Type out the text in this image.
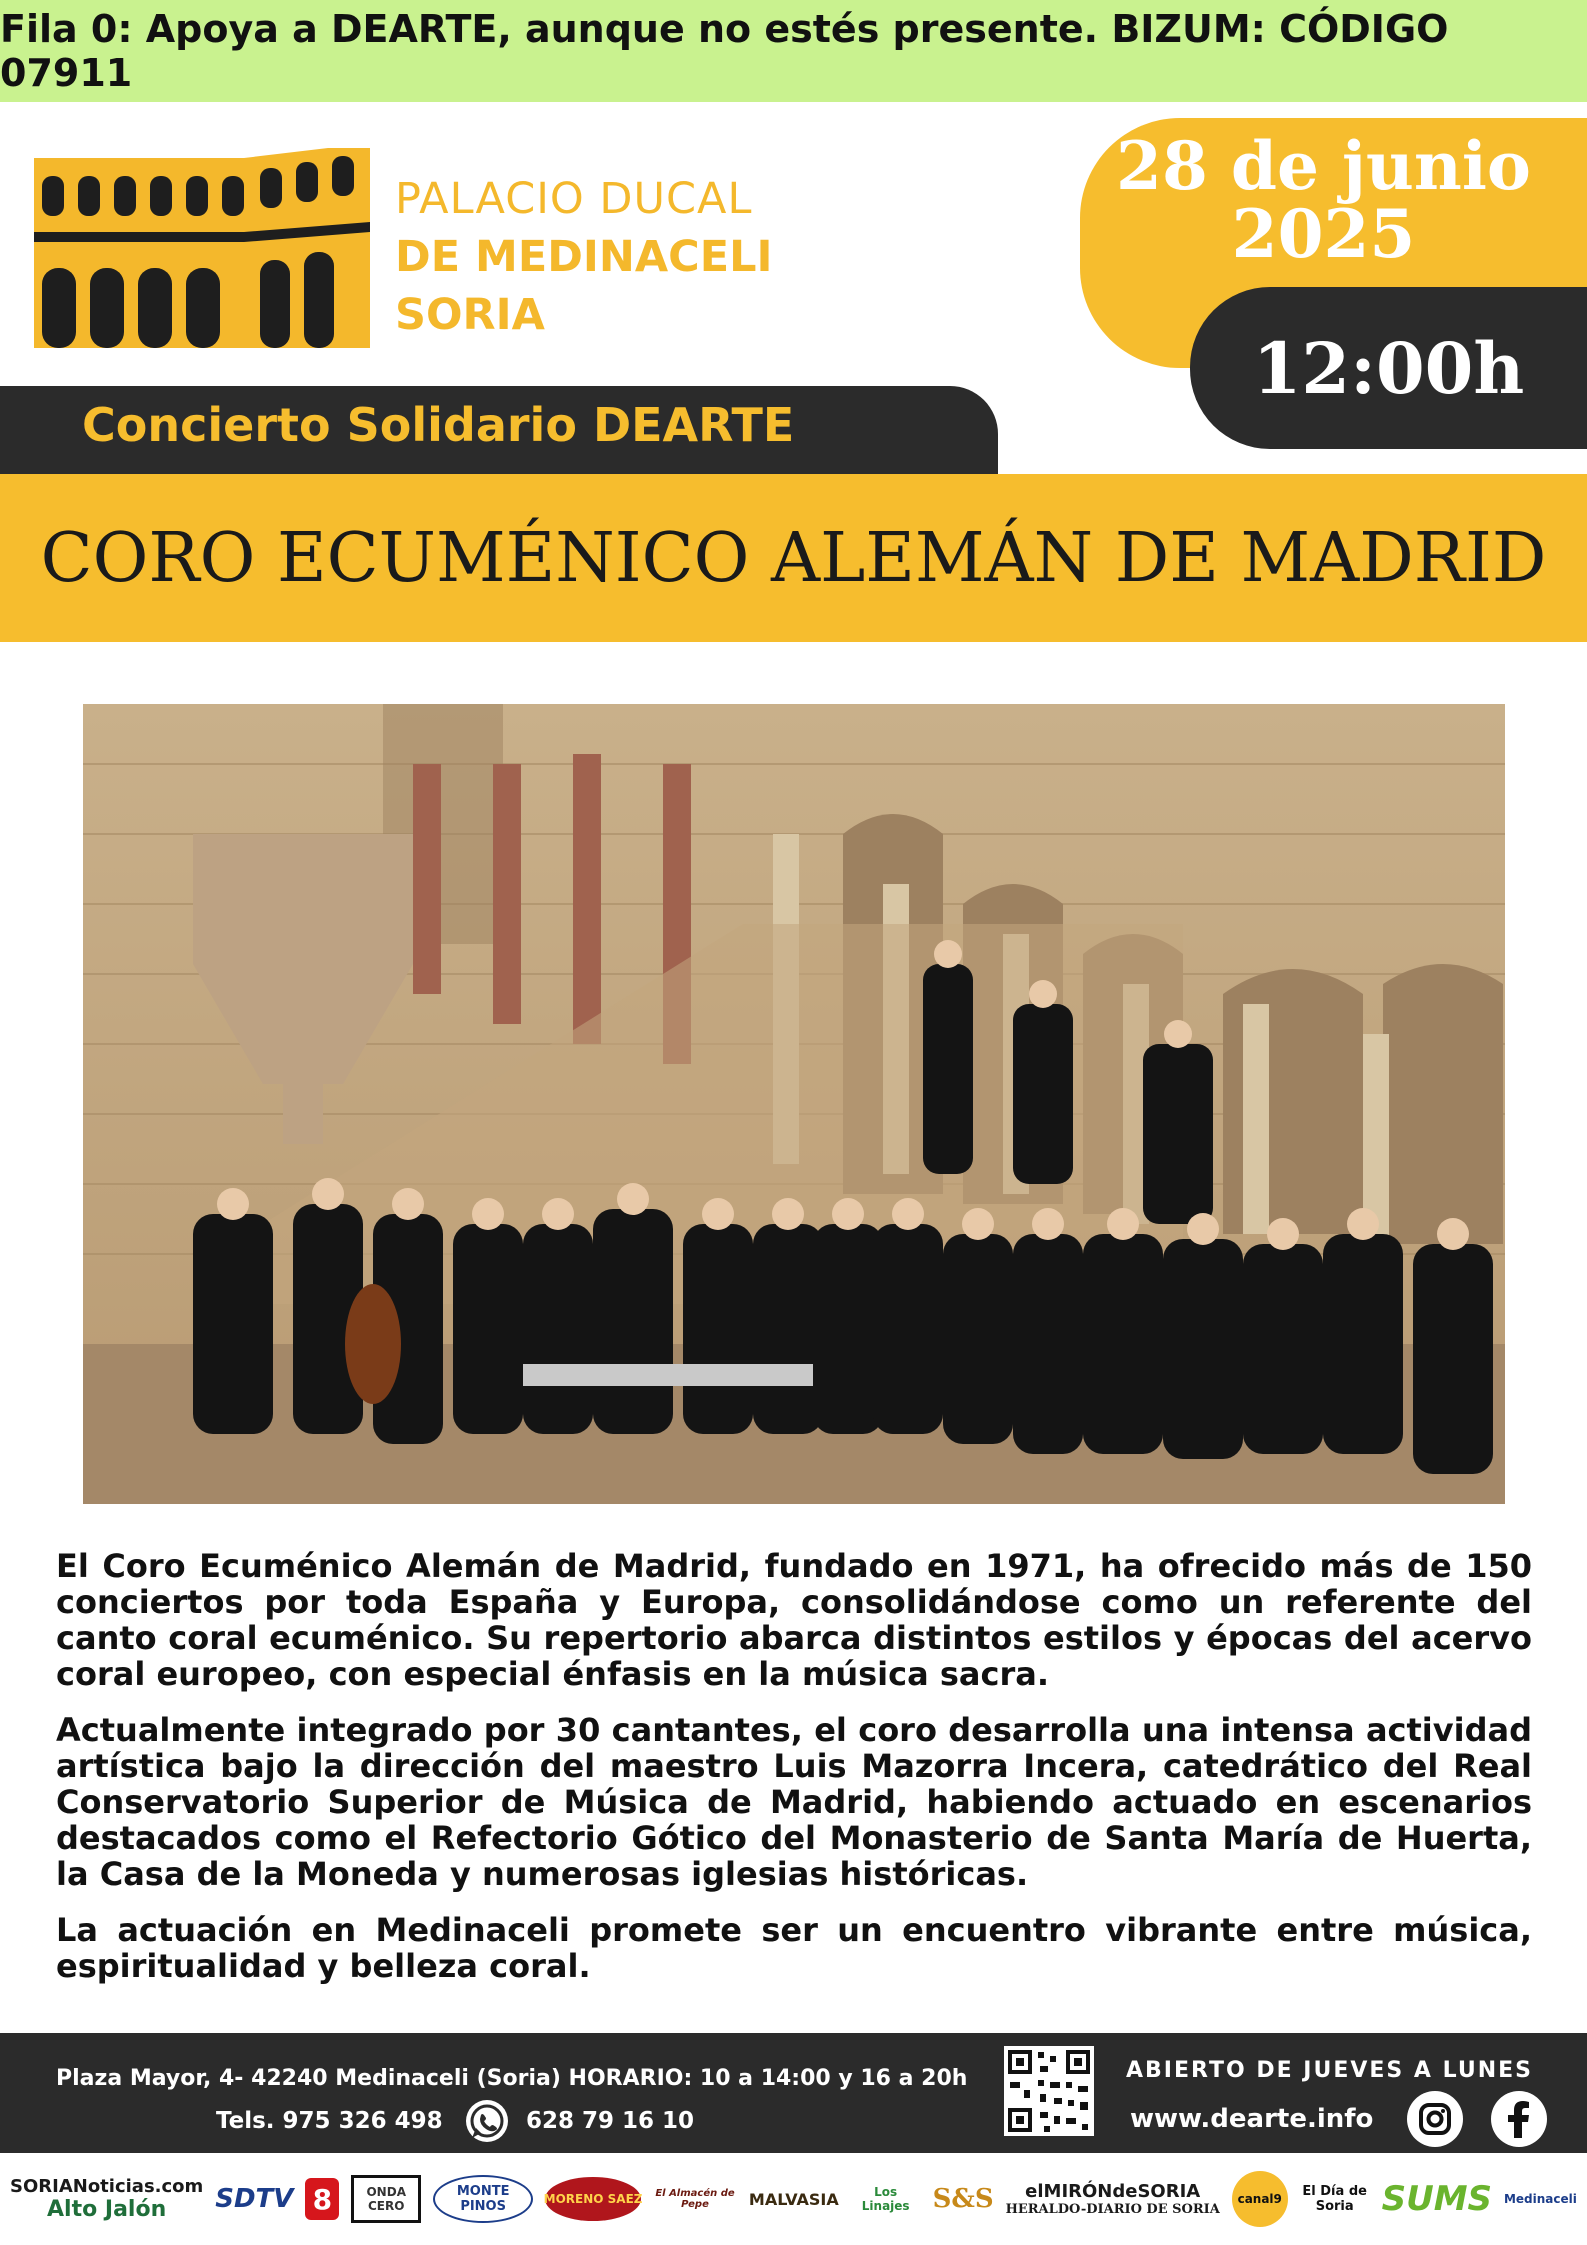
Fila 0: Apoya a DEARTE, aunque no estés presente. BIZUM: CÓDIGO 07911
PALACIO DUCAL
DE MEDINACELI
SORIA
28 de junio
2025
Concierto Solidario DEARTE
12:00h
CORO ECUMÉNICO ALEMÁN DE MADRID

El Coro Ecuménico Alemán de Madrid, fundado en 1971, ha ofrecido más de 150 conciertos por toda España y Europa, consolidándose como un referente del canto coral ecuménico. Su repertorio abarca distintos estilos y épocas del acervo coral europeo, con especial énfasis en la música sacra.

Actualmente integrado por 30 cantantes, el coro desarrolla una intensa actividad artística bajo la dirección del maestro Luis Mazorra Incera, catedrático del Real Conservatorio Superior de Música de Madrid, habiendo actuado en escenarios destacados como el Refectorio Gótico del Monasterio de Santa María de Huerta, la Casa de la Moneda y numerosas iglesias históricas.

La actuación en Medinaceli promete ser un encuentro vibrante entre música, espiritualidad y belleza coral.

Plaza Mayor, 4- 42240 Medinaceli (Soria) HORARIO: 10 a 14:00 y 16 a 20h
Tels. 975 326 498	628 79 16 10
ABIERTO DE JUEVES A LUNES
www.dearte.info
SORIANoticias.com
Alto Jalón SDTV 8	ONDA CERO
MONTE PINOS	MORENO SAEZ El Almacén de Pepe	MALVASIA	Los Linajes S&S elMIRÓNdeSORIA
HERALDO-DIARIO DE SORIA
canal9	El Día de Soria SUMS Medinaceli
